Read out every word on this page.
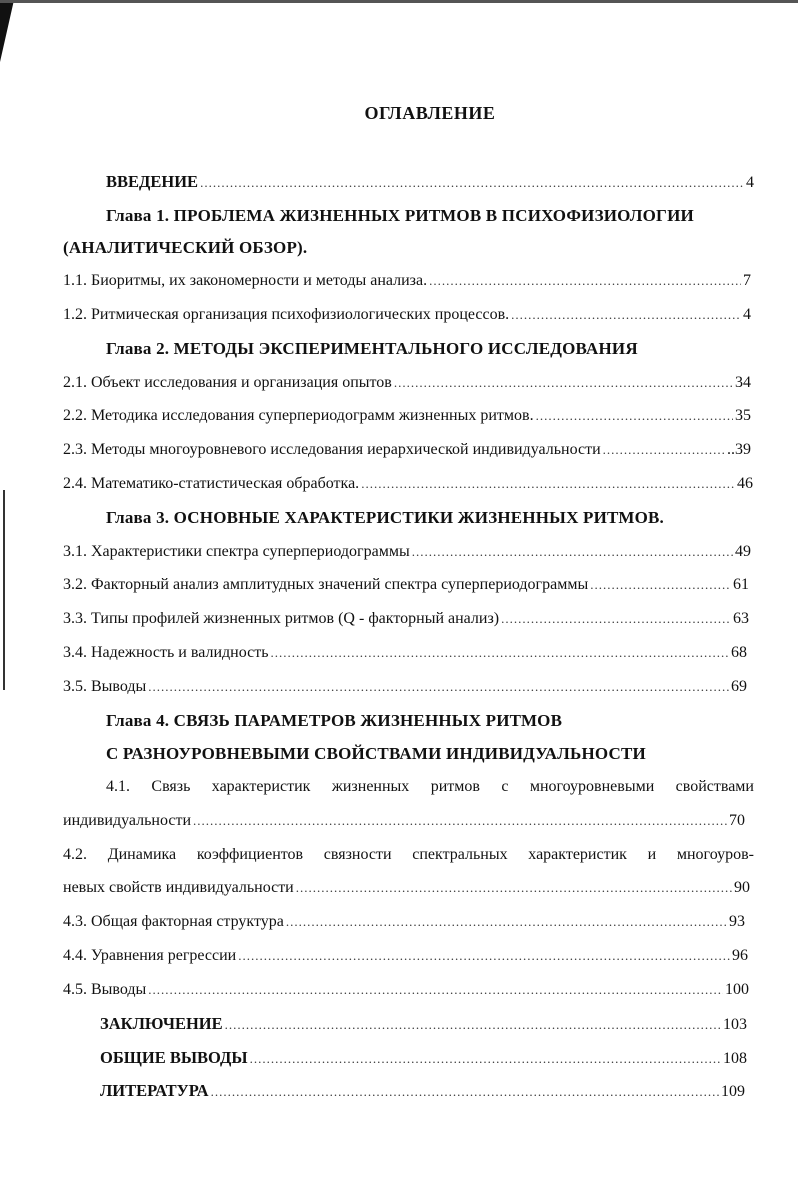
ОГЛАВЛЕНИЕ
ВВЕДЕНИЕ .....	4
Глава 1. ПРОБЛЕМА ЖИЗНЕННЫХ РИТМОВ В ПСИХОФИЗИОЛОГИИ
(АНАЛИТИЧЕСКИЙ ОБЗОР).
1.1. Биоритмы, их закономерности и методы анализа. .....	7
1.2. Ритмическая организация психофизиологических процессов. .....	4
Глава 2. МЕТОДЫ ЭКСПЕРИМЕНТАЛЬНОГО ИССЛЕДОВАНИЯ
2.1. Объект исследования и организация опытов .....	34
2.2. Методика исследования суперпериодограмм жизненных ритмов. .....	35
2.3. Методы многоуровневого исследования иерархической индивидуальности .....	..39
2.4. Математико-статистическая обработка. .....	46
Глава 3. ОСНОВНЫЕ ХАРАКТЕРИСТИКИ ЖИЗНЕННЫХ РИТМОВ.
3.1. Характеристики спектра суперпериодограммы .....	49
3.2. Факторный анализ амплитудных значений спектра суперпериодограммы .....	61
3.3. Типы профилей жизненных ритмов (Q - факторный анализ) .....	63
3.4. Надежность и валидность .....	68
3.5. Выводы .....	69
Глава 4. СВЯЗЬ ПАРАМЕТРОВ ЖИЗНЕННЫХ РИТМОВ
С РАЗНОУРОВНЕВЫМИ СВОЙСТВАМИ ИНДИВИДУАЛЬНОСТИ
4.1. Связь характеристик жизненных ритмов с многоуровневыми свойствами
индивидуальности .....	70
4.2. Динамика коэффициентов связности спектральных характеристик и многоуров-
невых свойств индивидуальности .....	90
4.3. Общая факторная структура .....	93
4.4. Уравнения регрессии .....	96
4.5. Выводы .....	100
ЗАКЛЮЧЕНИЕ .....	103
ОБЩИЕ ВЫВОДЫ .....	108
ЛИТЕРАТУРА .....	109
